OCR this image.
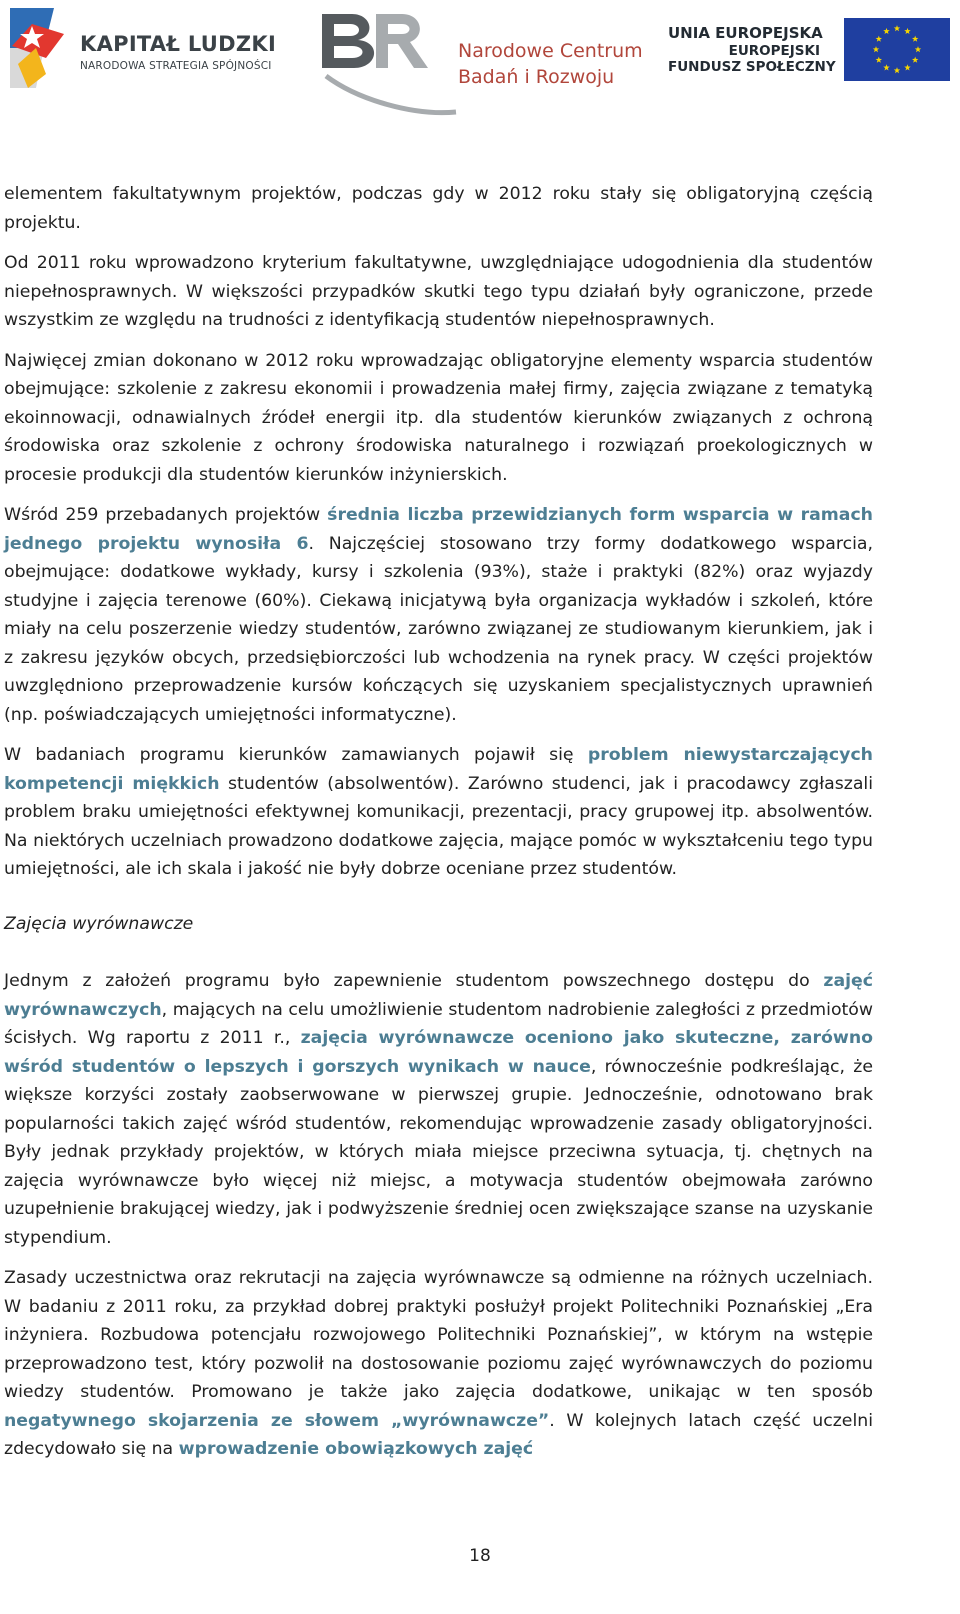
KAPITAŁ LUDZKI
NARODOWA STRATEGIA SPÓJNOŚCI
Narodowe Centrum
Badań i Rozwoju
UNIA EUROPEJSKA
EUROPEJSKI
FUNDUSZ SPOŁECZNY

elementem fakultatywnym projektów, podczas gdy w 2012 roku stały się obligatoryjną częścią projektu.

Od 2011 roku wprowadzono kryterium fakultatywne, uwzględniające udogodnienia dla studentów niepełnosprawnych. W większości przypadków skutki tego typu działań były ograniczone, przede wszystkim ze względu na trudności z identyfikacją studentów niepełnosprawnych.

Najwięcej zmian dokonano w 2012 roku wprowadzając obligatoryjne elementy wsparcia studentów obejmujące: szkolenie z zakresu ekonomii i prowadzenia małej firmy, zajęcia związane z tematyką ekoinnowacji, odnawialnych źródeł energii itp. dla studentów kierunków związanych z ochroną środowiska oraz szkolenie z ochrony środowiska naturalnego i rozwiązań proekologicznych w procesie produkcji dla studentów kierunków inżynierskich.

Wśród 259 przebadanych projektów średnia liczba przewidzianych form wsparcia w ramach jednego projektu wynosiła 6. Najczęściej stosowano trzy formy dodatkowego wsparcia, obejmujące: dodatkowe wykłady, kursy i szkolenia (93%), staże i praktyki (82%) oraz wyjazdy studyjne i zajęcia terenowe (60%). Ciekawą inicjatywą była organizacja wykładów i szkoleń, które miały na celu poszerzenie wiedzy studentów, zarówno związanej ze studiowanym kierunkiem, jak i z zakresu języków obcych, przedsiębiorczości lub wchodzenia na rynek pracy. W części projektów uwzględniono przeprowadzenie kursów kończących się uzyskaniem specjalistycznych uprawnień (np. poświadczających umiejętności informatyczne).

W badaniach programu kierunków zamawianych pojawił się problem niewystarczających kompetencji miękkich studentów (absolwentów). Zarówno studenci, jak i pracodawcy zgłaszali problem braku umiejętności efektywnej komunikacji, prezentacji, pracy grupowej itp. absolwentów. Na niektórych uczelniach prowadzono dodatkowe zajęcia, mające pomóc w wykształceniu tego typu umiejętności, ale ich skala i jakość nie były dobrze oceniane przez studentów.

Zajęcia wyrównawcze

Jednym z założeń programu było zapewnienie studentom powszechnego dostępu do zajęć wyrównawczych, mających na celu umożliwienie studentom nadrobienie zaległości z przedmiotów ścisłych. Wg raportu z 2011 r., zajęcia wyrównawcze oceniono jako skuteczne, zarówno wśród studentów o lepszych i gorszych wynikach w nauce, równocześnie podkreślając, że większe korzyści zostały zaobserwowane w pierwszej grupie. Jednocześnie, odnotowano brak popularności takich zajęć wśród studentów, rekomendując wprowadzenie zasady obligatoryjności. Były jednak przykłady projektów, w których miała miejsce przeciwna sytuacja, tj. chętnych na zajęcia wyrównawcze było więcej niż miejsc, a motywacja studentów obejmowała zarówno uzupełnienie brakującej wiedzy, jak i podwyższenie średniej ocen zwiększające szanse na uzyskanie stypendium.

Zasady uczestnictwa oraz rekrutacji na zajęcia wyrównawcze są odmienne na różnych uczelniach. W badaniu z 2011 roku, za przykład dobrej praktyki posłużył projekt Politechniki Poznańskiej „Era inżyniera. Rozbudowa potencjału rozwojowego Politechniki Poznańskiej”, w którym na wstępie przeprowadzono test, który pozwolił na dostosowanie poziomu zajęć wyrównawczych do poziomu wiedzy studentów. Promowano je także jako zajęcia dodatkowe, unikając w ten sposób negatywnego skojarzenia ze słowem „wyrównawcze”. W kolejnych latach część uczelni zdecydowało się na wprowadzenie obowiązkowych zajęć

18
